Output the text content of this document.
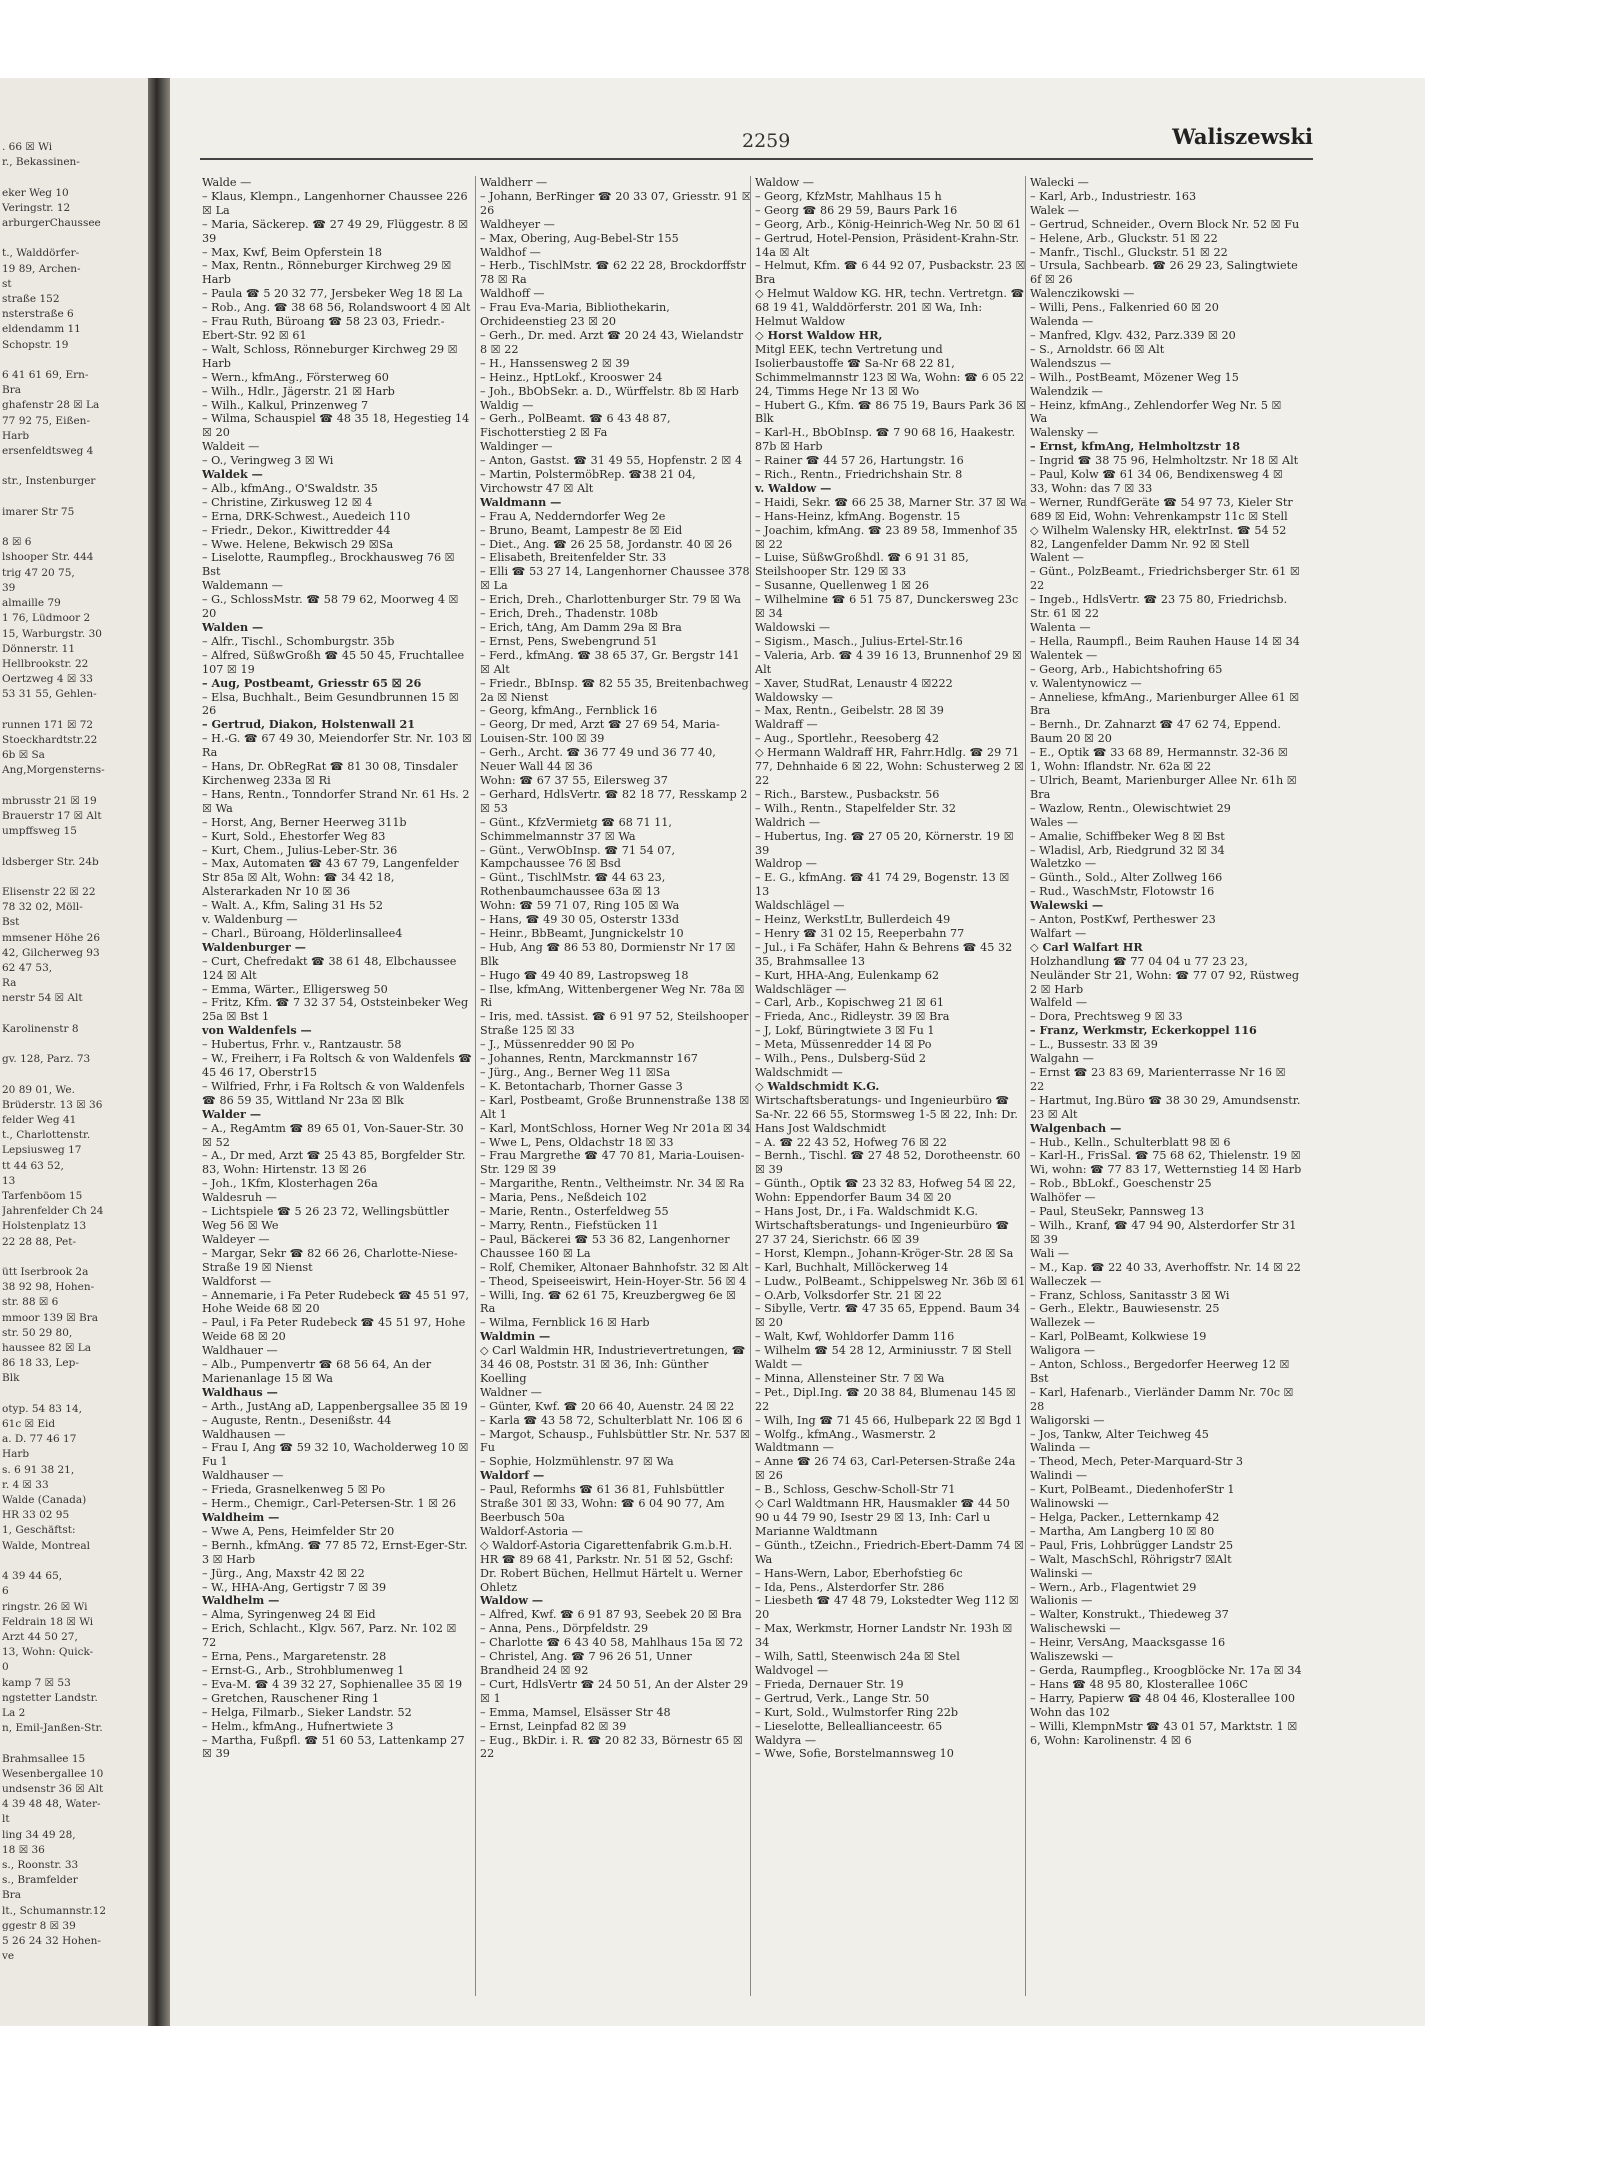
. 66 ☒ Wi
r., Bekassinen-

eker Weg 10
Veringstr. 12
arburgerChaussee

t., Walddörfer-
19 89, Archen-
st
straße 152
nsterstraße 6
eldendamm 11
Schopstr. 19

6 41 61 69, Ern-
Bra
ghafenstr 28 ☒ La
77 92 75, Eißen-
Harb
ersenfeldtsweg 4

str., Instenburger

imarer Str 75

8 ☒ 6
lshooper Str. 444
trig 47 20 75,
39
almaille 79
1 76, Lüdmoor 2
15, Warburgstr. 30
Dönnerstr. 11
Hellbrookstr. 22
Oertzweg 4 ☒ 33
53 31 55, Gehlen-

runnen 171 ☒ 72
Stoeckhardtstr.22
6b ☒ Sa
Ang,Morgensterns-

mbrusstr 21 ☒ 19
Brauerstr 17 ☒ Alt
umpffsweg 15

ldsberger Str. 24b

Elisenstr 22 ☒ 22
78 32 02, Möll-
Bst
mmsener Höhe 26
42, Gilcherweg 93
62 47 53,
Ra
nerstr 54 ☒ Alt

Karolinenstr 8

gv. 128, Parz. 73

20 89 01, We.
Brüderstr. 13 ☒ 36
felder Weg 41
t., Charlottenstr.
Lepsiusweg 17
tt 44 63 52,
13
Tarfenböom 15
Jahrenfelder Ch 24
Holstenplatz 13
22 28 88, Pet-

ütt Iserbrook 2a
38 92 98, Hohen-
str. 88 ☒ 6
mmoor 139 ☒ Bra
str. 50 29 80,
haussee 82 ☒ La
86 18 33, Lep-
Blk

otyp. 54 83 14,
61c ☒ Eid
a. D. 77 46 17
Harb
s. 6 91 38 21,
r. 4 ☒ 33
Walde (Canada)
HR 33 02 95
1, Geschäftst:
Walde, Montreal

4 39 44 65,
6
ringstr. 26 ☒ Wi
Feldrain 18 ☒ Wi
Arzt 44 50 27,
13, Wohn: Quick-
0
kamp 7 ☒ 53
ngstetter Landstr.
La 2
n, Emil-Janßen-Str.

Brahmsallee 15
Wesenbergallee 10
undsenstr 36 ☒ Alt
4 39 48 48, Water-
lt
ling 34 49 28,
18 ☒ 36
s., Roonstr. 33
s., Bramfelder
Bra
lt., Schumannstr.12
ggestr 8 ☒ 39
5 26 24 32 Hohen-
ve
2259	Waliszewski
Walde —
– Klaus, Klempn., Langenhorner Chaussee 226 ☒ La
– Maria, Säckerep. ☎ 27 49 29, Flüggestr. 8 ☒ 39
– Max, Kwf, Beim Opferstein 18
– Max, Rentn., Rönneburger Kirchweg 29 ☒ Harb
– Paula ☎ 5 20 32 77, Jersbeker Weg 18 ☒ La
– Rob., Ang. ☎ 38 68 56, Rolandswoort 4 ☒ Alt
– Frau Ruth, Büroang ☎ 58 23 03, Friedr.-Ebert-Str. 92 ☒ 61
– Walt, Schloss, Rönneburger Kirchweg 29 ☒ Harb
– Wern., kfmAng., Försterweg 60
– Wilh., Hdlr., Jägerstr. 21 ☒ Harb
– Wilh., Kalkul, Prinzenweg 7
– Wilma, Schauspiel ☎ 48 35 18, Hegestieg 14 ☒ 20
Waldeit —
– O., Veringweg 3 ☒ Wi
Waldek —
– Alb., kfmAng., O'Swaldstr. 35
– Christine, Zirkusweg 12 ☒ 4
– Erna, DRK-Schwest., Auedeich 110
– Friedr., Dekor., Kiwittredder 44
– Wwe. Helene, Bekwisch 29 ☒Sa
– Liselotte, Raumpfleg., Brockhausweg 76 ☒ Bst
Waldemann —
– G., SchlossMstr. ☎ 58 79 62, Moorweg 4 ☒ 20
Walden —
– Alfr., Tischl., Schomburgstr. 35b
– Alfred, SüßwGroßh ☎ 45 50 45, Fruchtallee 107 ☒ 19
– Aug, Postbeamt, Griesstr 65 ☒ 26
– Elsa, Buchhalt., Beim Gesundbrunnen 15 ☒ 26
– Gertrud, Diakon, Holstenwall 21
– H.-G. ☎ 67 49 30, Meiendorfer Str. Nr. 103 ☒ Ra
– Hans, Dr. ObRegRat ☎ 81 30 08, Tinsdaler Kirchenweg 233a ☒ Ri
– Hans, Rentn., Tonndorfer Strand Nr. 61 Hs. 2 ☒ Wa
– Horst, Ang, Berner Heerweg 311b
– Kurt, Sold., Ehestorfer Weg 83
– Kurt, Chem., Julius-Leber-Str. 36
– Max, Automaten ☎ 43 67 79, Langenfelder Str 85a ☒ Alt, Wohn: ☎ 34 42 18, Alsterarkaden Nr 10 ☒ 36
– Walt. A., Kfm, Saling 31 Hs 52
v. Waldenburg —
– Charl., Büroang, Hölderlinsallee4
Waldenburger —
– Curt, Chefredakt ☎ 38 61 48, Elbchaussee 124 ☒ Alt
– Emma, Wärter., Elligersweg 50
– Fritz, Kfm. ☎ 7 32 37 54, Oststeinbeker Weg 25a ☒ Bst 1
von Waldenfels —
– Hubertus, Frhr. v., Rantzaustr. 58
– W., Freiherr, i Fa Roltsch & von Waldenfels ☎ 45 46 17, Oberstr15
– Wilfried, Frhr, i Fa Roltsch & von Waldenfels ☎ 86 59 35, Wittland Nr 23a ☒ Blk
Walder —
– A., RegAmtm ☎ 89 65 01, Von-Sauer-Str. 30 ☒ 52
– A., Dr med, Arzt ☎ 25 43 85, Borgfelder Str. 83, Wohn: Hirtenstr. 13 ☒ 26
– Joh., 1Kfm, Klosterhagen 26a
Waldesruh —
– Lichtspiele ☎ 5 26 23 72, Wellingsbüttler Weg 56 ☒ We
Waldeyer —
– Margar, Sekr ☎ 82 66 26, Charlotte-Niese-Straße 19 ☒ Nienst
Waldforst —
– Annemarie, i Fa Peter Rudebeck ☎ 45 51 97, Hohe Weide 68 ☒ 20
– Paul, i Fa Peter Rudebeck ☎ 45 51 97, Hohe Weide 68 ☒ 20
Waldhauer —
– Alb., Pumpenvertr ☎ 68 56 64, An der Marienanlage 15 ☒ Wa
Waldhaus —
– Arth., JustAng aD, Lappenbergsallee 35 ☒ 19
– Auguste, Rentn., Desenißstr. 44
Waldhausen —
– Frau I, Ang ☎ 59 32 10, Wacholderweg 10 ☒ Fu 1
Waldhauser —
– Frieda, Grasnelkenweg 5 ☒ Po
– Herm., Chemigr., Carl-Petersen-Str. 1 ☒ 26
Waldheim —
– Wwe A, Pens, Heimfelder Str 20
– Bernh., kfmAng. ☎ 77 85 72, Ernst-Eger-Str. 3 ☒ Harb
– Jürg., Ang, Maxstr 42 ☒ 22
– W., HHA-Ang, Gertigstr 7 ☒ 39
Waldhelm —
– Alma, Syringenweg 24 ☒ Eid
– Erich, Schlacht., Klgv. 567, Parz. Nr. 102 ☒ 72
– Erna, Pens., Margaretenstr. 28
– Ernst-G., Arb., Strohblumenweg 1
– Eva-M. ☎ 4 39 32 27, Sophienallee 35 ☒ 19
– Gretchen, Rauschener Ring 1
– Helga, Filmarb., Sieker Landstr. 52
– Helm., kfmAng., Hufnertwiete 3
– Martha, Fußpfl. ☎ 51 60 53, Lattenkamp 27 ☒ 39
Waldherr —
– Johann, BerRinger ☎ 20 33 07, Griesstr. 91 ☒ 26
Waldheyer —
– Max, Obering, Aug-Bebel-Str 155
Waldhof —
– Herb., TischlMstr. ☎ 62 22 28, Brockdorffstr 78 ☒ Ra
Waldhoff —
– Frau Eva-Maria, Bibliothekarin, Orchideenstieg 23 ☒ 20
– Gerh., Dr. med. Arzt ☎ 20 24 43, Wielandstr 8 ☒ 22
– H., Hanssensweg 2 ☒ 39
– Heinz., HptLokf., Krooswег 24
– Joh., BbObSekr. a. D., Würffelstr. 8b ☒ Harb
Waldig —
– Gerh., PolBeamt. ☎ 6 43 48 87, Fischotterstieg 2 ☒ Fa
Waldinger —
– Anton, Gastst. ☎ 31 49 55, Hopfenstr. 2 ☒ 4
– Martin, PolstermöbRep. ☎38 21 04, Virchowstr 47 ☒ Alt
Waldmann —
– Frau A, Nedderndorfer Weg 2e
– Bruno, Beamt, Lampestr 8e ☒ Eid
– Diet., Ang. ☎ 26 25 58, Jordanstr. 40 ☒ 26
– Elisabeth, Breitenfelder Str. 33
– Elli ☎ 53 27 14, Langenhorner Chaussee 378 ☒ La
– Erich, Dreh., Charlottenburger Str. 79 ☒ Wa
– Erich, Dreh., Thadenstr. 108b
– Erich, tAng, Am Damm 29a ☒ Bra
– Ernst, Pens, Swebengrund 51
– Ferd., kfmAng. ☎ 38 65 37, Gr. Bergstr 141 ☒ Alt
– Friedr., BbInsp. ☎ 82 55 35, Breitenbachweg 2a ☒ Nienst
– Georg, kfmAng., Fernblick 16
– Georg, Dr med, Arzt ☎ 27 69 54, Maria-Louisen-Str. 100 ☒ 39
– Gerh., Archt. ☎ 36 77 49 und 36 77 40, Neuer Wall 44 ☒ 36
Wohn: ☎ 67 37 55, Eilersweg 37
– Gerhard, HdlsVertr. ☎ 82 18 77, Resskamp 2 ☒ 53
– Günt., KfzVermietg ☎ 68 71 11, Schimmelmannstr 37 ☒ Wa
– Günt., VerwObInsp. ☎ 71 54 07, Kampchaussee 76 ☒ Bsd
– Günt., TischlMstr. ☎ 44 63 23, Rothenbaumchaussee 63a ☒ 13
Wohn: ☎ 59 71 07, Ring 105 ☒ Wa
– Hans, ☎ 49 30 05, Osterstr 133d
– Heinr., BbBeamt, Jungnickelstr 10
– Hub, Ang ☎ 86 53 80, Dormienstr Nr 17 ☒ Blk
– Hugo ☎ 49 40 89, Lastropsweg 18
– Ilse, kfmAng, Wittenbergener Weg Nr. 78a ☒ Ri
– Iris, med. tAssist. ☎ 6 91 97 52, Steilshooper Straße 125 ☒ 33
– J., Müssenredder 90 ☒ Po
– Johannes, Rentn, Marckmannstr 167
– Jürg., Ang., Berner Weg 11 ☒Sa
– K. Betontacharb, Thorner Gasse 3
– Karl, Postbeamt, Große Brunnenstraße 138 ☒ Alt 1
– Karl, MontSchloss, Horner Weg Nr 201a ☒ 34
– Wwe L, Pens, Oldachstr 18 ☒ 33
– Frau Margrethe ☎ 47 70 81, Maria-Louisen-Str. 129 ☒ 39
– Margarithe, Rentn., Veltheimstr. Nr. 34 ☒ Ra
– Maria, Pens., Neßdeich 102
– Marie, Rentn., Osterfeldweg 55
– Marry, Rentn., Fiefstücken 11
– Paul, Bäckerei ☎ 53 36 82, Langenhorner Chaussee 160 ☒ La
– Rolf, Chemiker, Altonaer Bahnhofstr. 32 ☒ Alt
– Theod, Speiseeiswirt, Hein-Hoyer-Str. 56 ☒ 4
– Willi, Ing. ☎ 62 61 75, Kreuzbergweg 6e ☒ Ra
– Wilma, Fernblick 16 ☒ Harb
Waldmin —
◇ Carl Waldmin HR, Industrievertretungen, ☎ 34 46 08, Poststr. 31 ☒ 36, Inh: Günther Koelling
Waldner —
– Günter, Kwf. ☎ 20 66 40, Auenstr. 24 ☒ 22
– Karla ☎ 43 58 72, Schulterblatt Nr. 106 ☒ 6
– Margot, Schausp., Fuhlsbüttler Str. Nr. 537 ☒ Fu
– Sophie, Holzmühlenstr. 97 ☒ Wa
Waldorf —
– Paul, Reformhs ☎ 61 36 81, Fuhlsbüttler Straße 301 ☒ 33, Wohn: ☎ 6 04 90 77, Am Beerbusch 50a
Waldorf-Astoria —
◇ Waldorf-Astoria Cigarettenfabrik G.m.b.H. HR ☎ 89 68 41, Parkstr. Nr. 51 ☒ 52, Gschf: Dr. Robert Büchen, Hellmut Härtelt u. Werner Ohletz
Waldow —
– Alfred, Kwf. ☎ 6 91 87 93, Seebek 20 ☒ Bra
– Anna, Pens., Dörpfeldstr. 29
– Charlotte ☎ 6 43 40 58, Mahlhaus 15a ☒ 72
– Christel, Ang. ☎ 7 96 26 51, Unner Brandheid 24 ☒ 92
– Curt, HdlsVertr ☎ 24 50 51, An der Alster 29 ☒ 1
– Emma, Mamsel, Elsässer Str 48
– Ernst, Leinpfad 82 ☒ 39
– Eug., BkDir. i. R. ☎ 20 82 33, Börnestr 65 ☒ 22
Waldow —
– Georg, KfzMstr, Mahlhaus 15 h
– Georg ☎ 86 29 59, Baurs Park 16
– Georg, Arb., König-Heinrich-Weg Nr. 50 ☒ 61
– Gertrud, Hotel-Pension, Präsident-Krahn-Str. 14a ☒ Alt
– Helmut, Kfm. ☎ 6 44 92 07, Pusbackstr. 23 ☒ Bra
◇ Helmut Waldow KG. HR, techn. Vertretgn. ☎ 68 19 41, Walddörferstr. 201 ☒ Wa, Inh: Helmut Waldow
◇ Horst Waldow HR,
Mitgl EEK, techn Vertretung und Isolierbaustoffe ☎ Sa-Nr 68 22 81, Schimmelmannstr 123 ☒ Wa, Wohn: ☎ 6 05 22 24, Timms Hege Nr 13 ☒ Wo
– Hubert G., Kfm. ☎ 86 75 19, Baurs Park 36 ☒ Blk
– Karl-H., BbObInsp. ☎ 7 90 68 16, Haakestr. 87b ☒ Harb
– Rainer ☎ 44 57 26, Hartungstr. 16
– Rich., Rentn., Friedrichshain Str. 8
v. Waldow —
– Haidi, Sekr. ☎ 66 25 38, Marner Str. 37 ☒ Wa
– Hans-Heinz, kfmAng. Bogenstr. 15
– Joachim, kfmAng. ☎ 23 89 58, Immenhof 35 ☒ 22
– Luise, SüßwGroßhdl. ☎ 6 91 31 85, Steilshooper Str. 129 ☒ 33
– Susanne, Quellenweg 1 ☒ 26
– Wilhelmine ☎ 6 51 75 87, Dunckersweg 23c ☒ 34
Waldowski —
– Sigism., Masch., Julius-Ertel-Str.16
– Valeria, Arb. ☎ 4 39 16 13, Brunnenhof 29 ☒ Alt
– Xaver, StudRat, Lenaustr 4 ☒222
Waldowsky —
– Max, Rentn., Geibelstr. 28 ☒ 39
Waldraff —
– Aug., Sportlehr., Reesoberg 42
◇ Hermann Waldraff HR, Fahrr.Hdlg. ☎ 29 71 77, Dehnhaide 6 ☒ 22, Wohn: Schusterweg 2 ☒ 22
– Rich., Barstew., Pusbackstr. 56
– Wilh., Rentn., Stapelfelder Str. 32
Waldrich —
– Hubertus, Ing. ☎ 27 05 20, Körnerstr. 19 ☒ 39
Waldrop —
– E. G., kfmAng. ☎ 41 74 29, Bogenstr. 13 ☒ 13
Waldschlägel —
– Heinz, WerkstLtr, Bullerdeich 49
– Henry ☎ 31 02 15, Reeperbahn 77
– Jul., i Fa Schäfer, Hahn & Behrens ☎ 45 32 35, Brahmsallee 13
– Kurt, HHA-Ang, Eulenkamp 62
Waldschläger —
– Carl, Arb., Kopischweg 21 ☒ 61
– Frieda, Anc., Ridleystr. 39 ☒ Bra
– J, Lokf, Büringtwiete 3 ☒ Fu 1
– Meta, Müssenredder 14 ☒ Po
– Wilh., Pens., Dulsberg-Süd 2
Waldschmidt —
◇ Waldschmidt K.G.
Wirtschaftsberatungs- und Ingenieurbüro ☎ Sa-Nr. 22 66 55, Stormsweg 1-5 ☒ 22, Inh: Dr. Hans Jost Waldschmidt
– A. ☎ 22 43 52, Hofweg 76 ☒ 22
– Bernh., Tischl. ☎ 27 48 52, Dorotheenstr. 60 ☒ 39
– Günth., Optik ☎ 23 32 83, Hofweg 54 ☒ 22, Wohn: Eppendorfer Baum 34 ☒ 20
– Hans Jost, Dr., i Fa. Waldschmidt K.G. Wirtschaftsberatungs- und Ingenieurbüro ☎ 27 37 24, Sierichstr. 66 ☒ 39
– Horst, Klempn., Johann-Kröger-Str. 28 ☒ Sa
– Karl, Buchhalt, Millöckerweg 14
– Ludw., PolBeamt., Schippelsweg Nr. 36b ☒ 61
– O.Arb, Volksdorfer Str. 21 ☒ 22
– Sibylle, Vertr. ☎ 47 35 65, Eppend. Baum 34 ☒ 20
– Walt, Kwf, Wohldorfer Damm 116
– Wilhelm ☎ 54 28 12, Arminiusstr. 7 ☒ Stell
Waldt —
– Minna, Allensteiner Str. 7 ☒ Wa
– Pet., Dipl.Ing. ☎ 20 38 84, Blumenau 145 ☒ 22
– Wilh, Ing ☎ 71 45 66, Hulbepark 22 ☒ Bgd 1
– Wolfg., kfmAng., Wasmerstr. 2
Waldtmann —
– Anne ☎ 26 74 63, Carl-Petersen-Straße 24a ☒ 26
– B., Schloss, Geschw-Scholl-Str 71
◇ Carl Waldtmann HR, Hausmakler ☎ 44 50 90 u 44 79 90, Isestr 29 ☒ 13, Inh: Carl u Marianne Waldtmann
– Günth., tZeichn., Friedrich-Ebert-Damm 74 ☒ Wa
– Hans-Wern, Labor, Eberhofstieg 6c
– Ida, Pens., Alsterdorfer Str. 286
– Liesbeth ☎ 47 48 79, Lokstedter Weg 112 ☒ 20
– Max, Werkmstr, Horner Landstr Nr. 193h ☒ 34
– Wilh, Sattl, Steenwisch 24a ☒ Stel
Waldvogel —
– Frieda, Dernauer Str. 19
– Gertrud, Verk., Lange Str. 50
– Kurt, Sold., Wulmstorfer Ring 22b
– Lieselotte, Belleallianceestr. 65
Waldyra —
– Wwe, Sofie, Borstelmannsweg 10
Walecki —
– Karl, Arb., Industriestr. 163
Walek —
– Gertrud, Schneider., Overn Block Nr. 52 ☒ Fu
– Helene, Arb., Gluckstr. 51 ☒ 22
– Manfr., Tischl., Gluckstr. 51 ☒ 22
– Ursula, Sachbearb. ☎ 26 29 23, Salingtwiete 6f ☒ 26
Walenczikowski —
– Willi, Pens., Falkenried 60 ☒ 20
Walenda —
– Manfred, Klgv. 432, Parz.339 ☒ 20
– S., Arnoldstr. 66 ☒ Alt
Walendszus —
– Wilh., PostBeamt, Mözener Weg 15
Walendzik —
– Heinz, kfmAng., Zehlendorfer Weg Nr. 5 ☒ Wa
Walensky —
– Ernst, kfmAng, Helmholtzstr 18
– Ingrid ☎ 38 75 96, Helmholtzstr. Nr 18 ☒ Alt
– Paul, Kolw ☎ 61 34 06, Bendixensweg 4 ☒ 33, Wohn: das 7 ☒ 33
– Werner, RundfGeräte ☎ 54 97 73, Kieler Str 689 ☒ Eid, Wohn: Vehrenkampstr 11c ☒ Stell
◇ Wilhelm Walensky HR, elektrInst. ☎ 54 52 82, Langenfelder Damm Nr. 92 ☒ Stell
Walent —
– Günt., PolzBeamt., Friedrichsberger Str. 61 ☒ 22
– Ingeb., HdlsVertr. ☎ 23 75 80, Friedrichsb. Str. 61 ☒ 22
Walenta —
– Hella, Raumpfl., Beim Rauhen Hause 14 ☒ 34
Walentek —
– Georg, Arb., Habichtshofring 65
v. Walentynowicz —
– Anneliese, kfmAng., Marienburger Allee 61 ☒ Bra
– Bernh., Dr. Zahnarzt ☎ 47 62 74, Eppend. Baum 20 ☒ 20
– E., Optik ☎ 33 68 89, Hermannstr. 32-36 ☒ 1, Wohn: Iflandstr. Nr. 62a ☒ 22
– Ulrich, Beamt, Marienburger Allee Nr. 61h ☒ Bra
– Wazlow, Rentn., Olewischtwiet 29
Wales —
– Amalie, Schiffbeker Weg 8 ☒ Bst
– Wladisl, Arb, Riedgrund 32 ☒ 34
Waletzko —
– Günth., Sold., Alter Zollweg 166
– Rud., WaschMstr, Flotowstr 16
Walewski —
– Anton, PostKwf, Pertheswег 23
Walfart —
◇ Carl Walfart HR
Holzhandlung ☎ 77 04 04 u 77 23 23, Neuländer Str 21, Wohn: ☎ 77 07 92, Rüstweg 2 ☒ Harb
Walfeld —
– Dora, Prechtsweg 9 ☒ 33
– Franz, Werkmstr, Eckerkoppel 116
– L., Bussestr. 33 ☒ 39
Walgahn —
– Ernst ☎ 23 83 69, Marienterrasse Nr 16 ☒ 22
– Hartmut, Ing.Büro ☎ 38 30 29, Amundsenstr. 23 ☒ Alt
Walgenbach —
– Hub., Kelln., Schulterblatt 98 ☒ 6
– Karl-H., FrisSal. ☎ 75 68 62, Thielenstr. 19 ☒ Wi, wohn: ☎ 77 83 17, Wetternstieg 14 ☒ Harb
– Rob., BbLokf., Goeschenstr 25
Walhöfer —
– Paul, SteuSekr, Pannsweg 13
– Wilh., Kranf, ☎ 47 94 90, Alsterdorfer Str 31 ☒ 39
Wali —
– M., Kap. ☎ 22 40 33, Averhoffstr. Nr. 14 ☒ 22
Walleczek —
– Franz, Schloss, Sanitasstr 3 ☒ Wi
– Gerh., Elektr., Bauwiesenstr. 25
Wallezek —
– Karl, PolBeamt, Kolkwiese 19
Waligora —
– Anton, Schloss., Bergedorfer Heerweg 12 ☒ Bst
– Karl, Hafenarb., Vierländer Damm Nr. 70c ☒ 28
Waligorski —
– Jos, Tankw, Alter Teichweg 45
Walinda —
– Theod, Mech, Peter-Marquard-Str 3
Walindi —
– Kurt, PolBeamt., DiedenhoferStr 1
Walinowski —
– Helga, Packer., Letternkamp 42
– Martha, Am Langberg 10 ☒ 80
– Paul, Fris, Lohbrügger Landstr 25
– Walt, MaschSchl, Röhrigstr7 ☒Alt
Walinski —
– Wern., Arb., Flagentwiet 29
Walionis —
– Walter, Konstrukt., Thiedeweg 37
Walischewski —
– Heinr, VersAng, Maacksgasse 16
Waliszewski —
– Gerda, Raumpfleg., Kroogblöcke Nr. 17a ☒ 34
– Hans ☎ 48 95 80, Klosterallee 106C
– Harry, Papierw ☎ 48 04 46, Klosterallee 100 Wohn das 102
– Willi, KlempnMstr ☎ 43 01 57, Marktstr. 1 ☒ 6, Wohn: Karolinenstr. 4 ☒ 6
